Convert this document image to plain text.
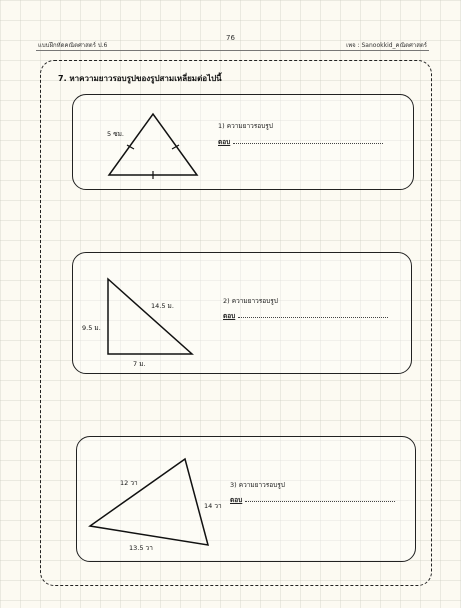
แบบฝึกหัดคณิตศาสตร์ ป.6
76
เพจ : Sanookkid_คณิตศาสตร์
7. หาความยาวรอบรูปของรูปสามเหลี่ยมต่อไปนี้
5 ซม.
1) ความยาวรอบรูป
ตอบ
14.5 ม.
9.5 ม.
7 ม.
2) ความยาวรอบรูป
ตอบ
12 วา
14 วา
13.5 วา
3) ความยาวรอบรูป
ตอบ
